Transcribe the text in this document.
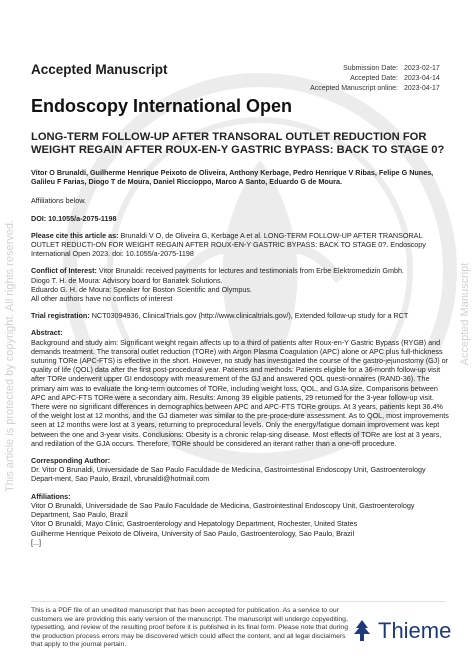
This article is protected by copyright. All rights reserved.	Accepted Manuscript
Accepted Manuscript	Submission Date: 2023-02-17
Accepted Date: 2023-04-14
Accepted Manuscript online: 2023-04-17
Endoscopy International Open
LONG-TERM FOLLOW-UP AFTER TRANSORAL OUTLET REDUCTION FOR WEIGHT REGAIN AFTER ROUX-EN-Y GASTRIC BYPASS: BACK TO STAGE 0?

Vitor O Brunaldi, Guilherme Henrique Peixoto de Oliveira, Anthony Kerbage, Pedro Henrique V Ribas, Felipe G Nunes, Galileu F Farias, Diogo T de Moura, Daniel Riccioppo, Marco A Santo, Eduardo G de Moura.

Affiliations below.

DOI: 10.1055/a-2075-1198

Please cite this article as: Brunaldi V O, de Oliveira G, Kerbage A et al. LONG-TERM FOLLOW-UP AFTER TRANSORAL OUTLET REDUCTI-ON FOR WEIGHT REGAIN AFTER ROUX-EN-Y GASTRIC BYPASS: BACK TO STAGE 0?. Endoscopy International Open 2023. doi: 10.1055/a-2075-1198

Conflict of Interest: Vitor Brunaldi: received payments for lectures and testimonials from Erbe Elektromedizin Gmbh.

Diogo T. H. de Moura: Advisory board for Bariatek Solutions.

Eduardo G. H. de Moura: Speaker for Boston Scientific and Olympus.

All other authors have no conflicts of interest

Trial registration: NCT03094936, ClinicalTrials.gov (http://www.clinicaltrials.gov/), Extended follow-up study for a RCT

Abstract:

Background and study aim: Significant weight regain affects up to a third of patients after Roux-en-Y Gastric Bypass (RYGB) and demands treatment. The transoral outlet reduction (TORe) with Argon Plasma Coagulation (APC) alone or APC plus full-thickness suturing TORe (APC-FTS) is effective in the short. However, no study has investigated the course of the gastro-jejunostomy (GJ) or quality of life (QOL) data after the first post-procedural year. Patients and methods: Patients eligible for a 36-month follow-up visit after TORe underwent upper GI endoscopy with measurement of the GJ and answered QOL questi-onnaires (RAND-36). The primary aim was to evaluate the long-term outcomes of TORe, including weight loss, QOL, and GJA size. Comparisons between APC and APC-FTS TORe were a secondary aim. Results: Among 39 eligible patients, 29 returned for the 3-year follow-up visit. There were no significant differences in demographics between APC and APC-FTS TORe groups. At 3 years, patients kept 36.4% of the weight lost at 12 months, and the GJ diameter was similar to the pre-proce-dure assessment. As to QOL, most improvements seen at 12 months were lost at 3 years, returning to preprocedural levels. Only the energy/fatigue domain improvement was kept between the one and 3-year visits. Conclusions: Obesity is a chronic relap-sing disease. Most effects of TORe are lost at 3 years, and redilation of the GJA occurs. Therefore, TORe should be considered an iterant rather than a one-off procedure.

Corresponding Author:

Dr. Vitor O Brunaldi, Universidade de Sao Paulo Faculdade de Medicina, Gastrointestinal Endoscopy Unit, Gastroenterology Depart-ment, Sao Paulo, Brazil, vbrunaldi@hotmail.com

Affiliations:

Vitor O Brunaldi, Universidade de Sao Paulo Faculdade de Medicina, Gastrointestinal Endoscopy Unit, Gastroenterology Department, Sao Paulo, Brazil

Vitor O Brunaldi, Mayo Clinic, Gastroenterology and Hepatology Department, Rochester, United States

Guilherme Henrique Peixoto de Oliveira, University of Sao Paulo, Gastroenterology, Sao Paulo, Brazil

[...]

This is a PDF file of an unedited manuscript that has been accepted for publication. As a service to our customers we are providing this early version of the manuscript. The manuscript will undergo copyediting, typesetting, and review of the resulting proof before it is published in its final form. Please note that during the production process errors may be discovered which could affect the content, and all legal disclaimers that apply to the journal pertain.
Thieme
